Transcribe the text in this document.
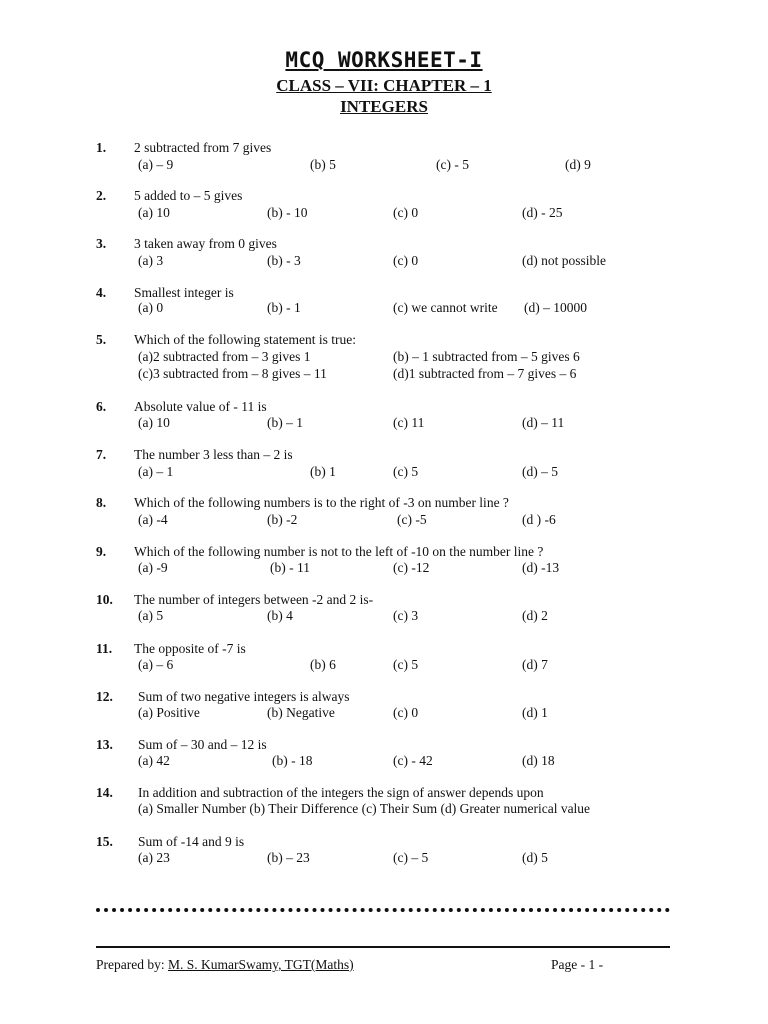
MCQ WORKSHEET-I
CLASS – VII: CHAPTER – 1
INTEGERS
1. 2 subtracted from 7 gives
(a) – 9	(b) 5	(c) - 5	(d) 9
2. 5 added to – 5 gives
(a) 10	(b) - 10	(c) 0	(d) - 25
3. 3 taken away from 0 gives
(a) 3	(b) - 3	(c) 0	(d) not possible
4. Smallest integer is
(a) 0	(b) - 1	(c) we cannot write (d) – 10000
5. Which of the following statement is true:
(a)2 subtracted from – 3 gives 1	(b) – 1 subtracted from – 5 gives 6
(c)3 subtracted from – 8 gives – 11	(d)1 subtracted from – 7 gives – 6
6. Absolute value of - 11 is
(a) 10	(b) – 1	(c) 11	(d) – 11
7. The number 3 less than – 2 is
(a) – 1	(b) 1	(c) 5	(d) – 5
8. Which of the following numbers is to the right of -3 on number line ?
(a) -4	(b) -2	(c) -5	(d ) -6
9. Which of the following number is not to the left of -10 on the number line ?
(a) -9	(b) - 11	(c) -12	(d) -13
10. The number of integers between -2 and 2 is-
(a) 5	(b) 4	(c) 3	(d) 2
11. The opposite of -7 is
(a) – 6	(b) 6	(c) 5	(d) 7
12. Sum of two negative integers is always
(a) Positive	(b) Negative	(c) 0	(d) 1
13. Sum of – 30 and – 12 is
(a) 42	(b) - 18	(c) - 42	(d) 18
14. In addition and subtraction of the integers the sign of answer depends upon
(a) Smaller Number (b) Their Difference (c) Their Sum (d) Greater numerical value
15. Sum of -14 and 9 is
(a) 23	(b) – 23	(c) – 5	(d) 5
Prepared by: M. S. KumarSwamy, TGT(Maths)	Page - 1 -
